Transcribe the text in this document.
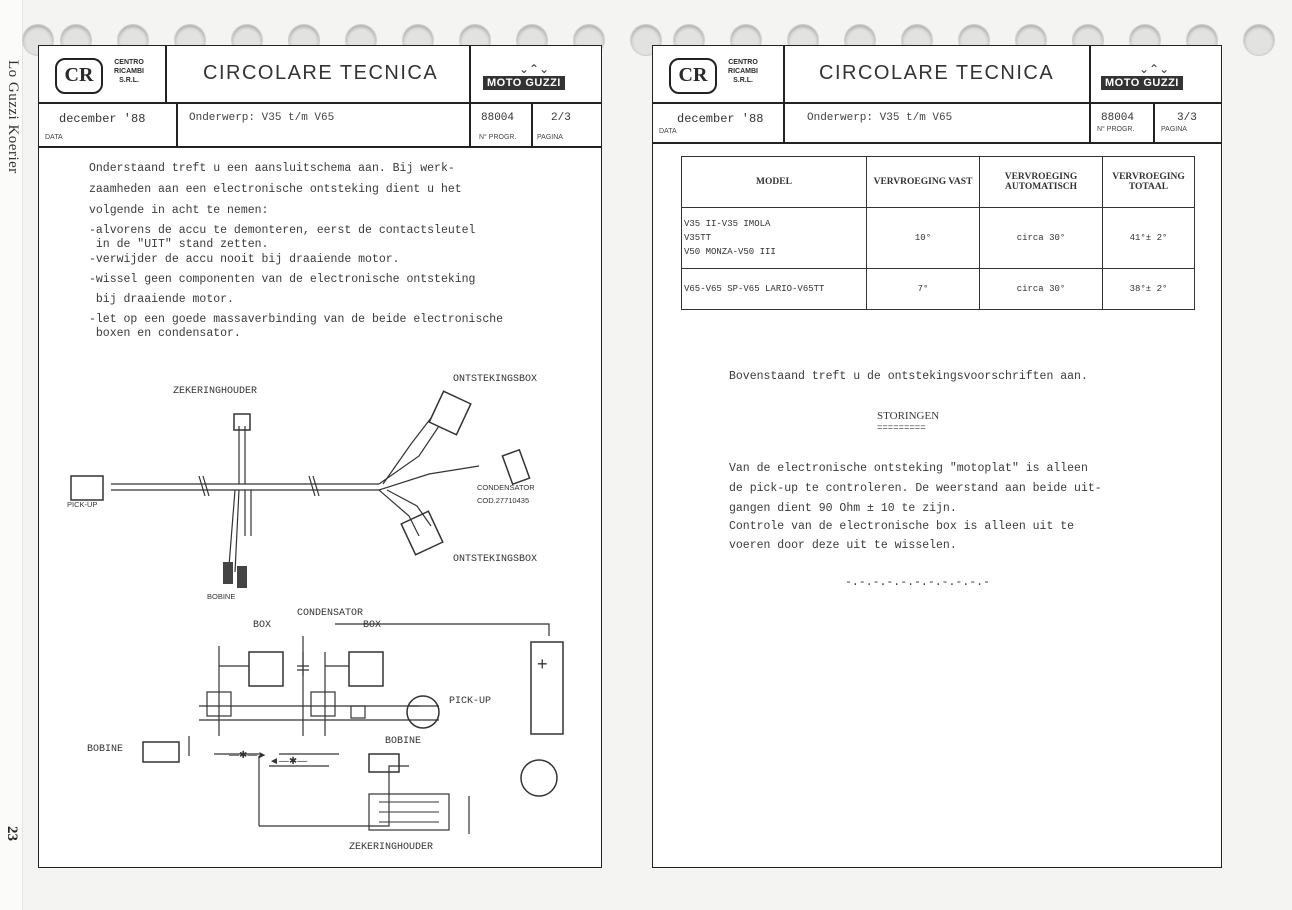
Lo Guzzi Koerier
23
CR
CENTRO RICAMBI S.R.L.	CIRCOLARE TECNICA	⌄⌃⌄
MOTO GUZZI
december '88
DATA
Onderwerp: V35 t/m V65	88004
N° PROGR.
2/3
PAGINA
Onderstaand treft u een aansluitschema aan. Bij werk-
zaamheden aan een electronische ontsteking dient u het
volgende in acht te nemen:
-alvorens de accu te demonteren, eerst de contactsleutel
in de "UIT" stand zetten.
-verwijder de accu nooit bij draaiende motor.
-wissel geen componenten van de electronische ontsteking
bij draaiende motor.
-let op een goede massaverbinding van de beide electronische
boxen en condensator.
ZEKERINGHOUDER
ONTSTEKINGSBOX
PICK-UP
CONDENSATOR
COD.27710435
ONTSTEKINGSBOX
BOBINE
—✱—►
◄—✱—
+
CONDENSATOR
BOX	BOX
PICK-UP
BOBINE
BOBINE
ZEKERINGHOUDER
CR
CENTRO RICAMBI S.R.L.	CIRCOLARE TECNICA	⌄⌃⌄
MOTO GUZZI
december '88
DATA
Onderwerp: V35 t/m V65	88004
N° PROGR.
3/3
PAGINA
MODEL	VERVROEGING VAST	VERVROEGING AUTOMATISCH	VERVROEGING TOTAAL

V35 II-V35 IMOLA
V35TT
V50 MONZA-V50 III	10°	circa 30°	41°± 2°

V65-V65 SP-V65 LARIO-V65TT	7°	circa 30°	38°± 2°
Bovenstaand treft u de ontstekingsvoorschriften aan.
STORINGEN
=========
Van de electronische ontsteking "motoplat" is alleen
de pick-up te controleren. De weerstand aan beide uit-
gangen dient 90 Ohm ± 10 te zijn.
Controle van de electronische box is alleen uit te
voeren door deze uit te wisselen.
-.-.-.-.-.-.-.-.-.-.-
